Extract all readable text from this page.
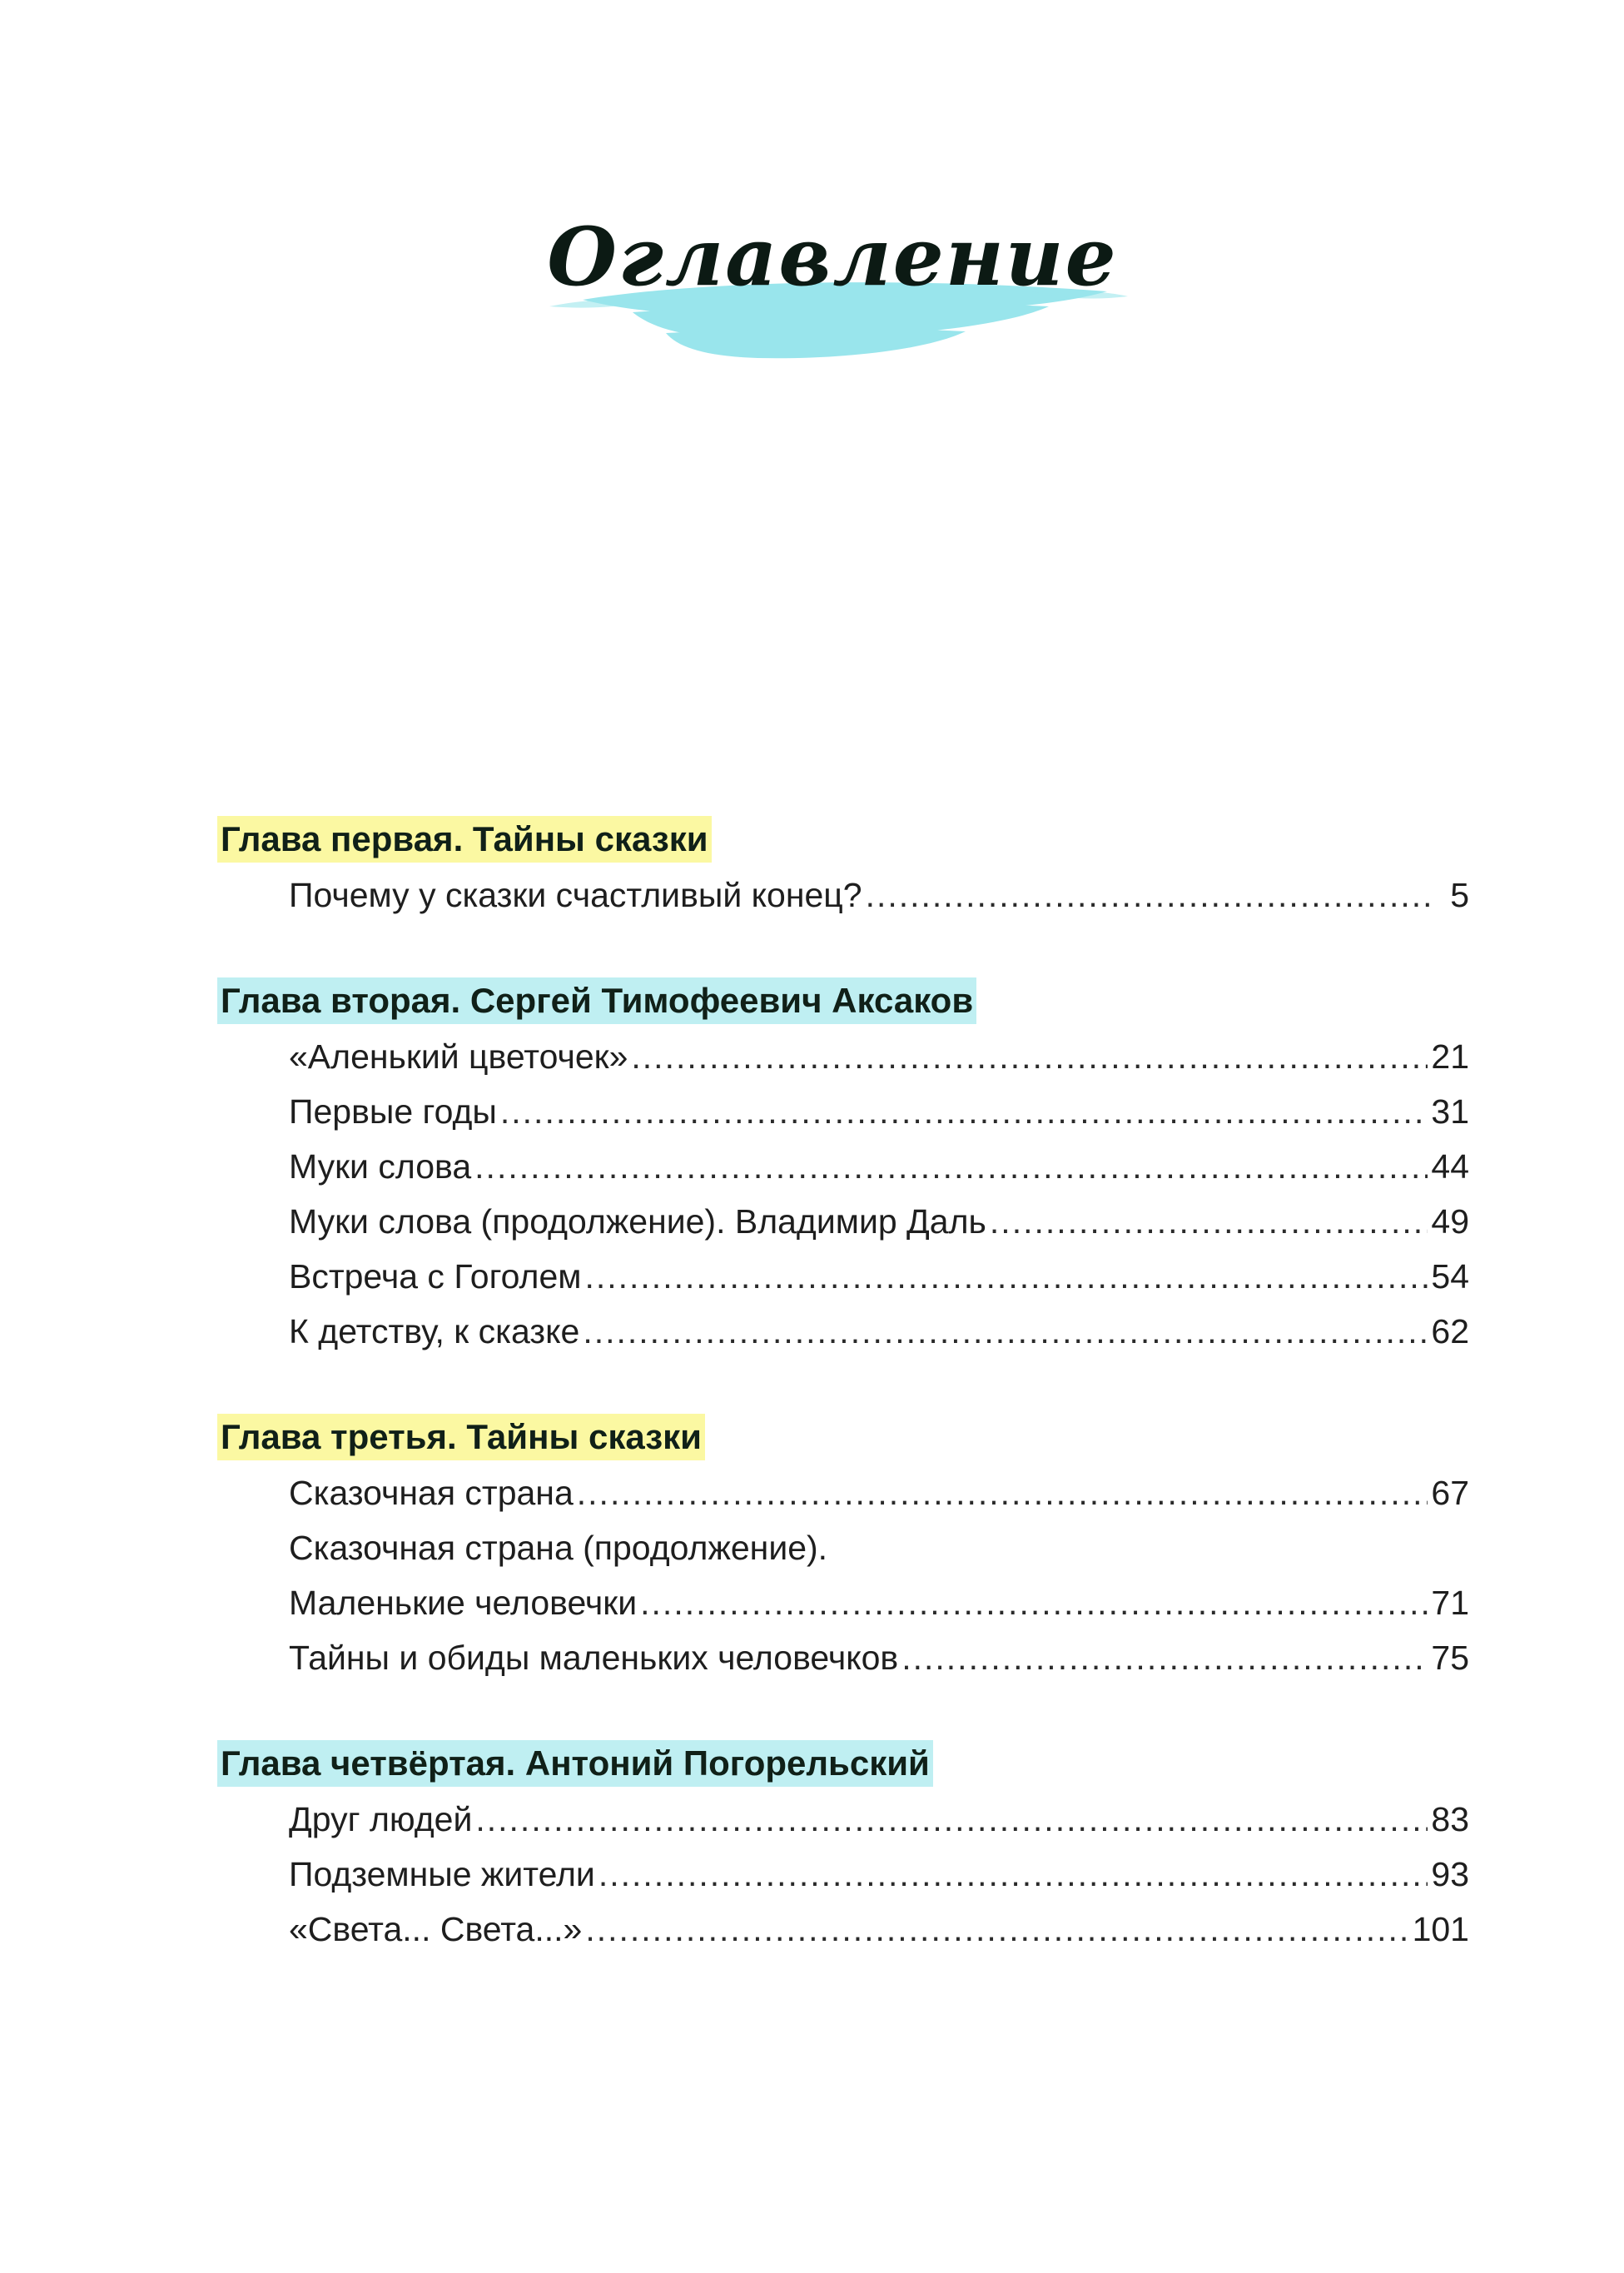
Оглавление
Глава первая. Тайны сказки
Почему у сказки счастливый конец? .....	5
Глава вторая. Сергей Тимофеевич Аксаков
«Аленький цветочек» .....	21
Первые годы .....	31
Муки слова .....	44
Муки слова (продолжение). Владимир Даль .....	49
Встреча с Гоголем .....	54
К детству, к сказке .....	62
Глава третья. Тайны сказки
Сказочная страна .....	67
Сказочная страна (продолжение).
Маленькие человечки .....	71
Тайны и обиды маленьких человечков .....	75
Глава четвёртая. Антоний Погорельский
Друг людей .....	83
Подземные жители .....	93
«Света... Света...» .....	101
